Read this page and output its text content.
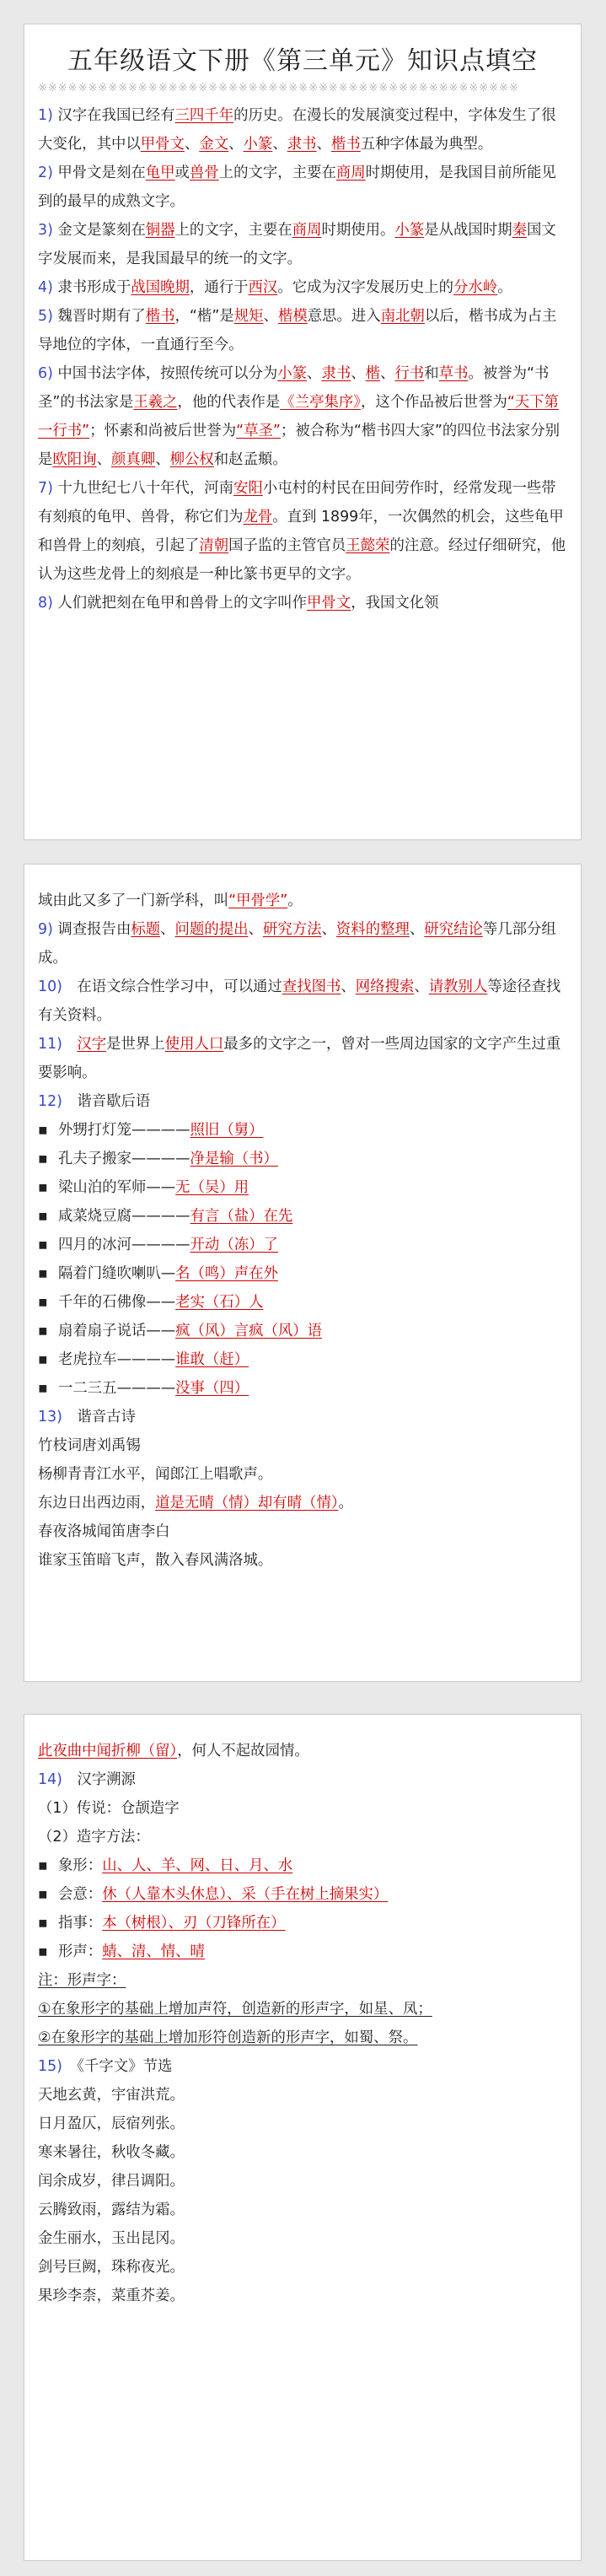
五年级语文下册《第三单元》知识点填空
※※※※※※※※※※※※※※※※※※※※※※※※※※※※※※※※※※※※※※※※※※※※※※※※

1) 汉字在我国已经有三四千年的历史。在漫长的发展演变过程中，字体发生了很大变化，其中以甲骨文、金文、小篆、隶书、楷书五种字体最为典型。

2) 甲骨文是刻在龟甲或兽骨上的文字，主要在商周时期使用，是我国目前所能见到的最早的成熟文字。

3) 金文是篆刻在铜器上的文字，主要在商周时期使用。小篆是从战国时期秦国文字发展而来，是我国最早的统一的文字。

4) 隶书形成于战国晚期，通行于西汉。它成为汉字发展历史上的分水岭。

5) 魏晋时期有了楷书，“楷”是规矩、楷模意思。进入南北朝以后，楷书成为占主导地位的字体，一直通行至今。

6) 中国书法字体，按照传统可以分为小篆、隶书、楷、行书和草书。被誉为“书圣”的书法家是王羲之，他的代表作是《兰亭集序》，这个作品被后世誉为“天下第一行书”；怀素和尚被后世誉为“草圣”；被合称为“楷书四大家”的四位书法家分别是欧阳询、颜真卿、柳公权和赵孟頫。

7) 十九世纪七八十年代，河南安阳小屯村的村民在田间劳作时，经常发现一些带有刻痕的龟甲、兽骨，称它们为龙骨。直到 1899年，一次偶然的机会，这些龟甲和兽骨上的刻痕，引起了清朝国子监的主管官员王懿荣的注意。经过仔细研究，他认为这些龙骨上的刻痕是一种比篆书更早的文字。

8) 人们就把刻在龟甲和兽骨上的文字叫作甲骨文，我国文化领

域由此又多了一门新学科，叫“甲骨学”。

9) 调查报告由标题、问题的提出、研究方法、资料的整理、研究结论等几部分组成。

10)　在语文综合性学习中，可以通过查找图书、网络搜索、请教别人等途径查找有关资料。

11)　 汉字是世界上使用人口最多的文字之一，曾对一些周边国家的文字产生过重要影响。

12)　谐音歇后语
▪ 外甥打灯笼————照旧（舅）
▪ 孔夫子搬家————净是输（书）
▪ 梁山泊的军师——无（吴）用
▪ 咸菜烧豆腐————有言（盐）在先
▪ 四月的冰河————开动（冻）了
▪ 隔着门缝吹喇叭—名（鸣）声在外
▪ 千年的石佛像——老实（石）人
▪ 扇着扇子说话——疯（风）言疯（风）语
▪ 老虎拉车————谁敢（赶）
▪ 一二三五————没事（四）
13)　谐音古诗
竹枝词唐刘禹锡
杨柳青青江水平，闻郎江上唱歌声。
东边日出西边雨，道是无晴（情）却有晴（情）。
春夜洛城闻笛唐李白
谁家玉笛暗飞声，散入春风满洛城。

此夜曲中闻折柳（留），何人不起故园情。

14)　汉字溯源
（1）传说：仓颉造字
（2）造字方法：
▪ 象形：山、人、羊、网、日、月、水
▪ 会意：休（人靠木头休息）、采（手在树上摘果实）
▪ 指事：本（树根）、刃（刀锋所在）
▪ 形声：蜻、清、情、晴
注：形声字：
①在象形字的基础上增加声符，创造新的形声字，如星、凤；
②在象形字的基础上增加形符创造新的形声字，如蜀、祭。
15)　《千字文》节选
天地玄黄，宇宙洪荒。
日月盈仄，辰宿列张。
寒来暑往，秋收冬藏。
闰余成岁，律吕调阳。
云腾致雨，露结为霜。
金生丽水，玉出昆冈。
剑号巨阙，珠称夜光。
果珍李柰，菜重芥姜。
